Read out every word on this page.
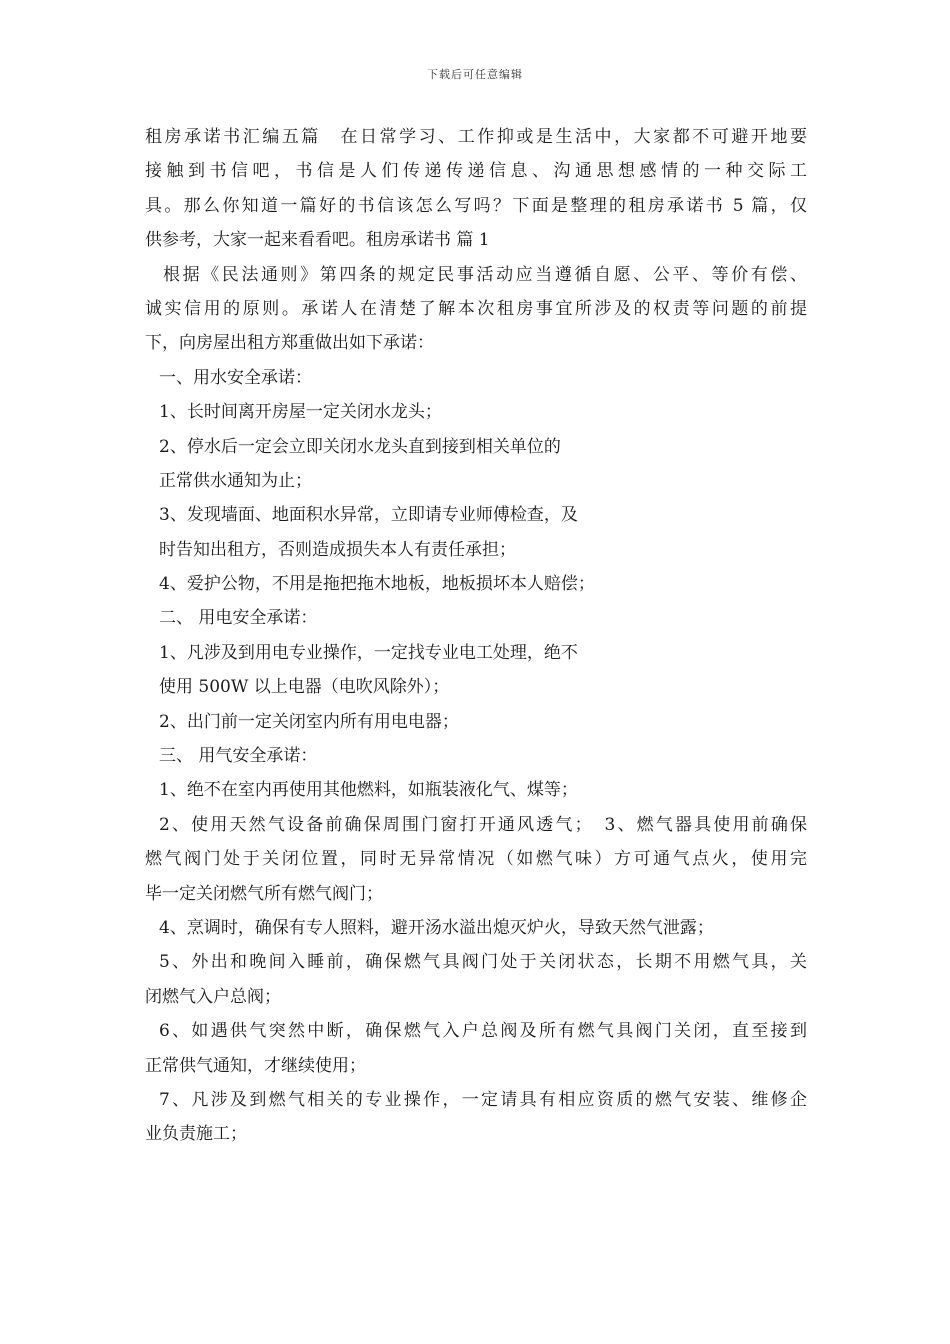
下载后可任意编辑
租房承诺书汇编五篇　在日常学习、工作抑或是生活中，大家都不可避开地要
接触到书信吧，书信是人们传递传递信息、沟通思想感情的一种交际工
具。那么你知道一篇好的书信该怎么写吗？下面是整理的租房承诺书 5 篇，仅
供参考，大家一起来看看吧。租房承诺书 篇 1
根据《民法通则》第四条的规定民事活动应当遵循自愿、公平、等价有偿、
诚实信用的原则。承诺人在清楚了解本次租房事宜所涉及的权责等问题的前提
下，向房屋出租方郑重做出如下承诺：
一、用水安全承诺：
1、长时间离开房屋一定关闭水龙头；
2、停水后一定会立即关闭水龙头直到接到相关单位的
正常供水通知为止；
3、发现墙面、地面积水异常，立即请专业师傅检查，及
时告知出租方，否则造成损失本人有责任承担；
4、爱护公物，不用是拖把拖木地板，地板损坏本人赔偿；
二、 用电安全承诺：
1、凡涉及到用电专业操作，一定找专业电工处理，绝不
使用 500W 以上电器（电吹风除外）；
2、出门前一定关闭室内所有用电电器；
三、 用气安全承诺：
1、绝不在室内再使用其他燃料，如瓶装液化气、煤等；
2、使用天然气设备前确保周围门窗打开通风透气；　3、燃气器具使用前确保
燃气阀门处于关闭位置，同时无异常情况（如燃气味）方可通气点火，使用完
毕一定关闭燃气所有燃气阀门；
4、烹调时，确保有专人照料，避开汤水溢出熄灭炉火，导致天然气泄露；
5、外出和晚间入睡前，确保燃气具阀门处于关闭状态，长期不用燃气具，关
闭燃气入户总阀；
6、如遇供气突然中断，确保燃气入户总阀及所有燃气具阀门关闭，直至接到
正常供气通知，才继续使用；
7、凡涉及到燃气相关的专业操作，一定请具有相应资质的燃气安装、维修企
业负责施工；
